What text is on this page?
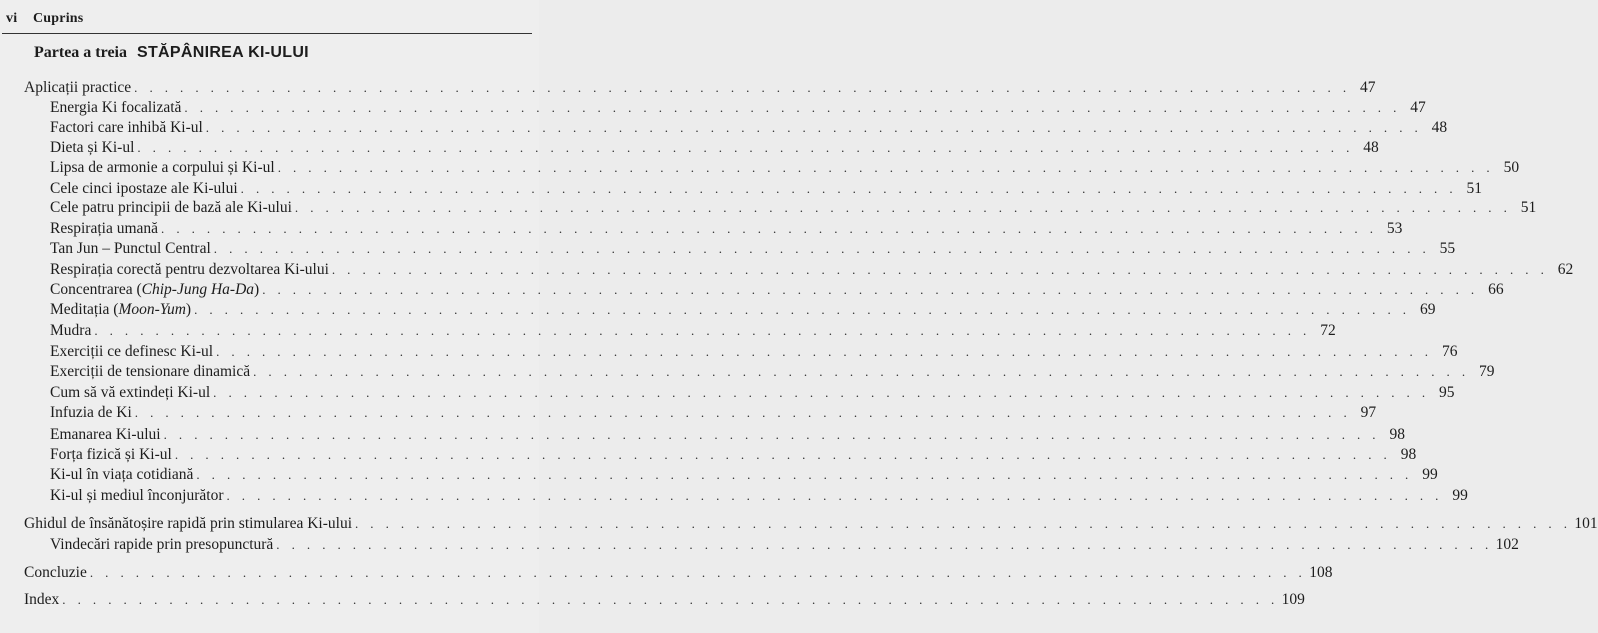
vi Cuprins
Partea a treia STĂPÂNIREA KI-ULUI
Aplicații practice . . . . . . . . . . . . . . . . . . . . . . . . . . . . . . . . . . . . . . . . . . . . . . . . . . . . . . . . . . . . . . . . . . . . . . . . . . . . . . . . 47
Energia Ki focalizată . . . . . . . . . . . . . . . . . . . . . . . . . . . . . . . . . . . . . . . . . . . . . . . . . . . . . . . . . . . . . . . . . . . . . . . . . . . . . . . . 47
Factori care inhibă Ki-ul . . . . . . . . . . . . . . . . . . . . . . . . . . . . . . . . . . . . . . . . . . . . . . . . . . . . . . . . . . . . . . . . . . . . . . . . . . . . . . . . 48
Dieta și Ki-ul . . . . . . . . . . . . . . . . . . . . . . . . . . . . . . . . . . . . . . . . . . . . . . . . . . . . . . . . . . . . . . . . . . . . . . . . . . . . . . . . 48
Lipsa de armonie a corpului și Ki-ul . . . . . . . . . . . . . . . . . . . . . . . . . . . . . . . . . . . . . . . . . . . . . . . . . . . . . . . . . . . . . . . . . . . . . . . . . . . . . . . . 50
Cele cinci ipostaze ale Ki-ului . . . . . . . . . . . . . . . . . . . . . . . . . . . . . . . . . . . . . . . . . . . . . . . . . . . . . . . . . . . . . . . . . . . . . . . . . . . . . . . . 51
Cele patru principii de bază ale Ki-ului . . . . . . . . . . . . . . . . . . . . . . . . . . . . . . . . . . . . . . . . . . . . . . . . . . . . . . . . . . . . . . . . . . . . . . . . . . . . . . . . 51
Respirația umană . . . . . . . . . . . . . . . . . . . . . . . . . . . . . . . . . . . . . . . . . . . . . . . . . . . . . . . . . . . . . . . . . . . . . . . . . . . . . . . . 53
Tan Jun – Punctul Central . . . . . . . . . . . . . . . . . . . . . . . . . . . . . . . . . . . . . . . . . . . . . . . . . . . . . . . . . . . . . . . . . . . . . . . . . . . . . . . . 55
Respirația corectă pentru dezvoltarea Ki-ului . . . . . . . . . . . . . . . . . . . . . . . . . . . . . . . . . . . . . . . . . . . . . . . . . . . . . . . . . . . . . . . . . . . . . . . . . . . . . . . . 62
Concentrarea (Chip-Jung Ha-Da) . . . . . . . . . . . . . . . . . . . . . . . . . . . . . . . . . . . . . . . . . . . . . . . . . . . . . . . . . . . . . . . . . . . . . . . . . . . . . . . . 66
Meditația (Moon-Yum) . . . . . . . . . . . . . . . . . . . . . . . . . . . . . . . . . . . . . . . . . . . . . . . . . . . . . . . . . . . . . . . . . . . . . . . . . . . . . . . . 69
Mudra . . . . . . . . . . . . . . . . . . . . . . . . . . . . . . . . . . . . . . . . . . . . . . . . . . . . . . . . . . . . . . . . . . . . . . . . . . . . . . . . 72
Exerciții ce definesc Ki-ul . . . . . . . . . . . . . . . . . . . . . . . . . . . . . . . . . . . . . . . . . . . . . . . . . . . . . . . . . . . . . . . . . . . . . . . . . . . . . . . . 76
Exerciții de tensionare dinamică . . . . . . . . . . . . . . . . . . . . . . . . . . . . . . . . . . . . . . . . . . . . . . . . . . . . . . . . . . . . . . . . . . . . . . . . . . . . . . . . 79
Cum să vă extindeți Ki-ul . . . . . . . . . . . . . . . . . . . . . . . . . . . . . . . . . . . . . . . . . . . . . . . . . . . . . . . . . . . . . . . . . . . . . . . . . . . . . . . . 95
Infuzia de Ki . . . . . . . . . . . . . . . . . . . . . . . . . . . . . . . . . . . . . . . . . . . . . . . . . . . . . . . . . . . . . . . . . . . . . . . . . . . . . . . . 97
Emanarea Ki-ului . . . . . . . . . . . . . . . . . . . . . . . . . . . . . . . . . . . . . . . . . . . . . . . . . . . . . . . . . . . . . . . . . . . . . . . . . . . . . . . . 98
Forța fizică și Ki-ul . . . . . . . . . . . . . . . . . . . . . . . . . . . . . . . . . . . . . . . . . . . . . . . . . . . . . . . . . . . . . . . . . . . . . . . . . . . . . . . . 98
Ki-ul în viața cotidiană . . . . . . . . . . . . . . . . . . . . . . . . . . . . . . . . . . . . . . . . . . . . . . . . . . . . . . . . . . . . . . . . . . . . . . . . . . . . . . . . 99
Ki-ul și mediul înconjurător . . . . . . . . . . . . . . . . . . . . . . . . . . . . . . . . . . . . . . . . . . . . . . . . . . . . . . . . . . . . . . . . . . . . . . . . . . . . . . . . 99
Ghidul de însănătoșire rapidă prin stimularea Ki-ului . . . . . . . . . . . . . . . . . . . . . . . . . . . . . . . . . . . . . . . . . . . . . . . . . . . . . . . . . . . . . . . . . . . . . . . . . . . . . . . . 101
Vindecări rapide prin presopunctură . . . . . . . . . . . . . . . . . . . . . . . . . . . . . . . . . . . . . . . . . . . . . . . . . . . . . . . . . . . . . . . . . . . . . . . . . . . . . . . . 102
Concluzie . . . . . . . . . . . . . . . . . . . . . . . . . . . . . . . . . . . . . . . . . . . . . . . . . . . . . . . . . . . . . . . . . . . . . . . . . . . . . . . . 108
Index . . . . . . . . . . . . . . . . . . . . . . . . . . . . . . . . . . . . . . . . . . . . . . . . . . . . . . . . . . . . . . . . . . . . . . . . . . . . . . . . 109
